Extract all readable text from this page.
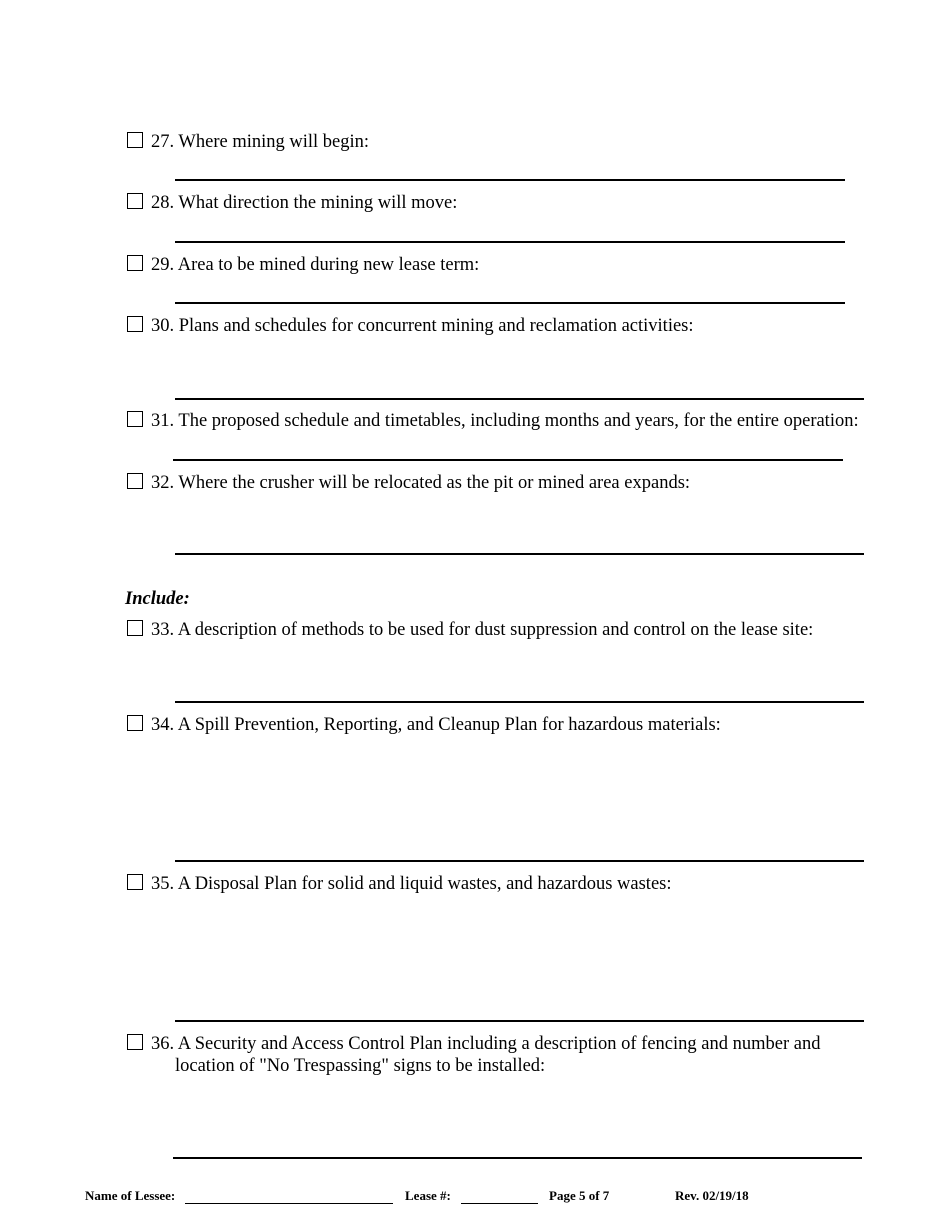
27. Where mining will begin:
28. What direction the mining will move:
29. Area to be mined during new lease term:
30. Plans and schedules for concurrent mining and reclamation activities:
31. The proposed schedule and timetables, including months and years, for the entire operation:
32. Where the crusher will be relocated as the pit or mined area expands:
Include:
33. A description of methods to be used for dust suppression and control on the lease site:
34. A Spill Prevention, Reporting, and Cleanup Plan for hazardous materials:
35. A Disposal Plan for solid and liquid wastes, and hazardous wastes:
36. A Security and Access Control Plan including a description of fencing and number and
location of "No Trespassing" signs to be installed:
Name of Lessee:	Lease #:	Page 5 of 7	Rev. 02/19/18
